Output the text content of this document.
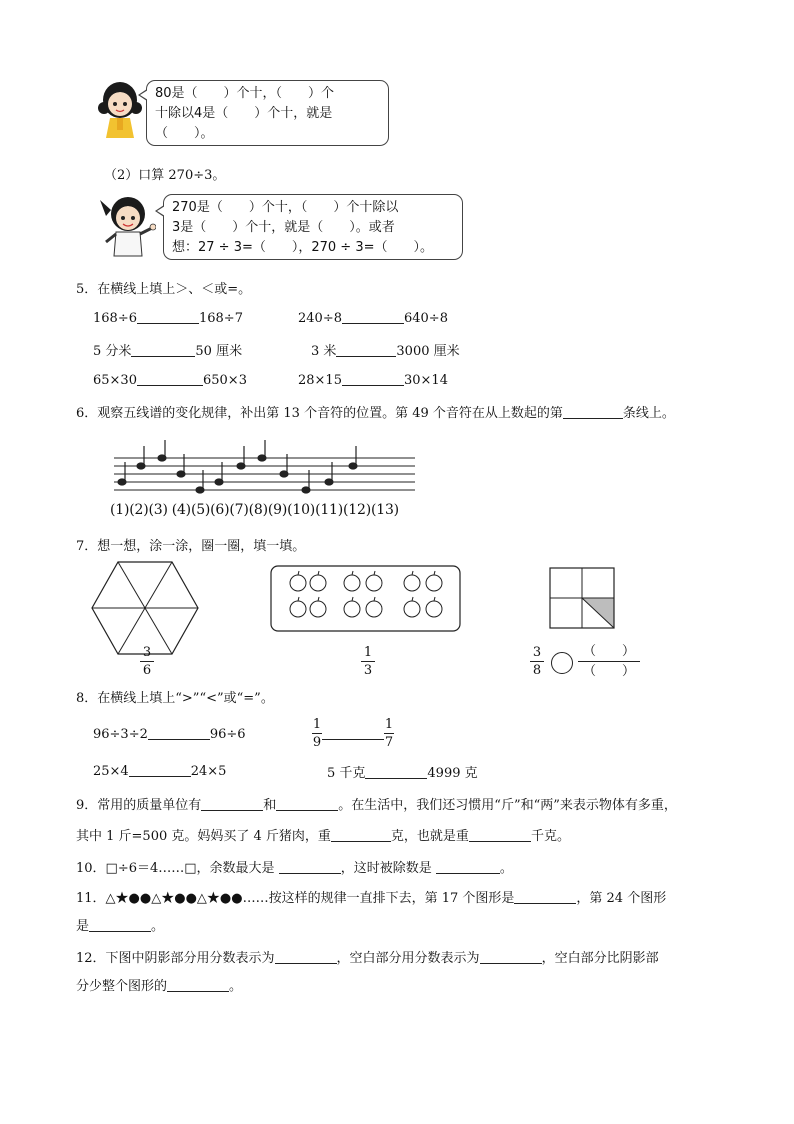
80是（　　）个十，（　　）个
十除以4是（　　）个十，就是
（　　）。
（2）口算 270÷3。
270是（　　）个十，（　　）个十除以
3是（　　）个十，就是（　　）。或者
想：27 ÷ 3=（　　），270 ÷ 3=（　　）。
5．在横线上填上＞、＜或=。
168÷6	168÷7	240÷8	640÷8
5 分米	50 厘米	3 米	3000 厘米
65×30	650×3	28×15	30×14
6．观察五线谱的变化规律，补出第 13 个音符的位置。第 49 个音符在从上数起的第	条线上。
(1)(2)(3) (4)(5)(6)(7)(8)(9)(10)(11)(12)(13)
7．想一想，涂一涂，圈一圈，填一填。
3
6
1
3
3
8
（　　）
（　　）
8．在横线上填上“>”“<”或“=”。
96÷3÷2	96÷6
1
9
1
7
25×4	24×5	5 千克	4999 克
9．常用的质量单位有	和	。在生活中，我们还习惯用“斤”和“两”来表示物体有多重，
其中 1 斤=500 克。妈妈买了 4 斤猪肉，重	克，也就是重	千克。
10．□÷6＝4……□，余数最大是	，这时被除数是	。
11．△★●●△★●●△★●●……按这样的规律一直排下去，第 17 个图形是	，第 24 个图形
是	。
12．下图中阴影部分用分数表示为	，空白部分用分数表示为	，空白部分比阴影部
分少整个图形的	。
